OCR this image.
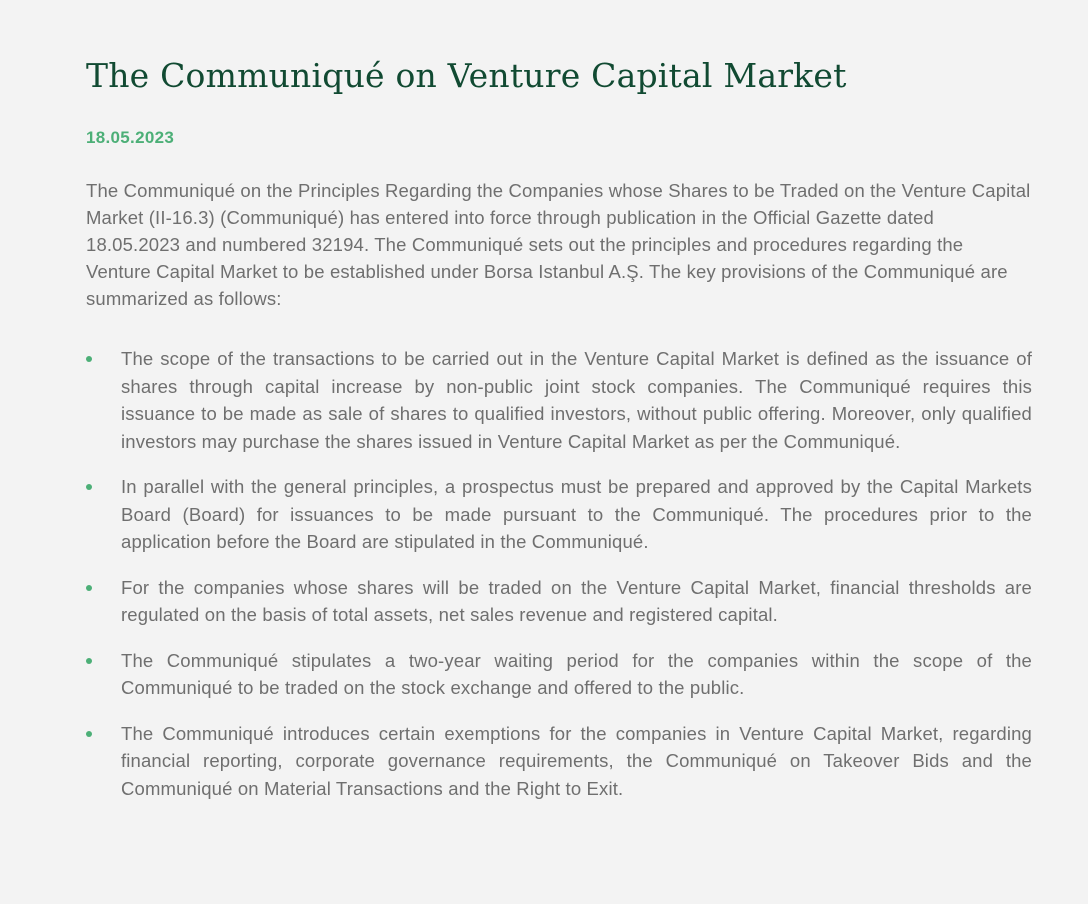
The Communiqué on Venture Capital Market
18.05.2023

The Communiqué on the Principles Regarding the Companies whose Shares to be Traded on the Venture Capital Market (II-16.3) (Communiqué) has entered into force through publication in the Official Gazette dated 18.05.2023 and numbered 32194. The Communiqué sets out the principles and procedures regarding the Venture Capital Market to be established under Borsa Istanbul A.Ş. The key provisions of the Communiqué are summarized as follows:

The scope of the transactions to be carried out in the Venture Capital Market is defined as the issuance of shares through capital increase by non-public joint stock companies. The Communiqué requires this issuance to be made as sale of shares to qualified investors, without public offering. Moreover, only qualified investors may purchase the shares issued in Venture Capital Market as per the Communiqué.
In parallel with the general principles, a prospectus must be prepared and approved by the Capital Markets Board (Board) for issuances to be made pursuant to the Communiqué. The procedures prior to the application before the Board are stipulated in the Communiqué.
For the companies whose shares will be traded on the Venture Capital Market, financial thresholds are regulated on the basis of total assets, net sales revenue and registered capital.
The Communiqué stipulates a two-year waiting period for the companies within the scope of the Communiqué to be traded on the stock exchange and offered to the public.
The Communiqué introduces certain exemptions for the companies in Venture Capital Market, regarding financial reporting, corporate governance requirements, the Communiqué on Takeover Bids and the Communiqué on Material Transactions and the Right to Exit.
